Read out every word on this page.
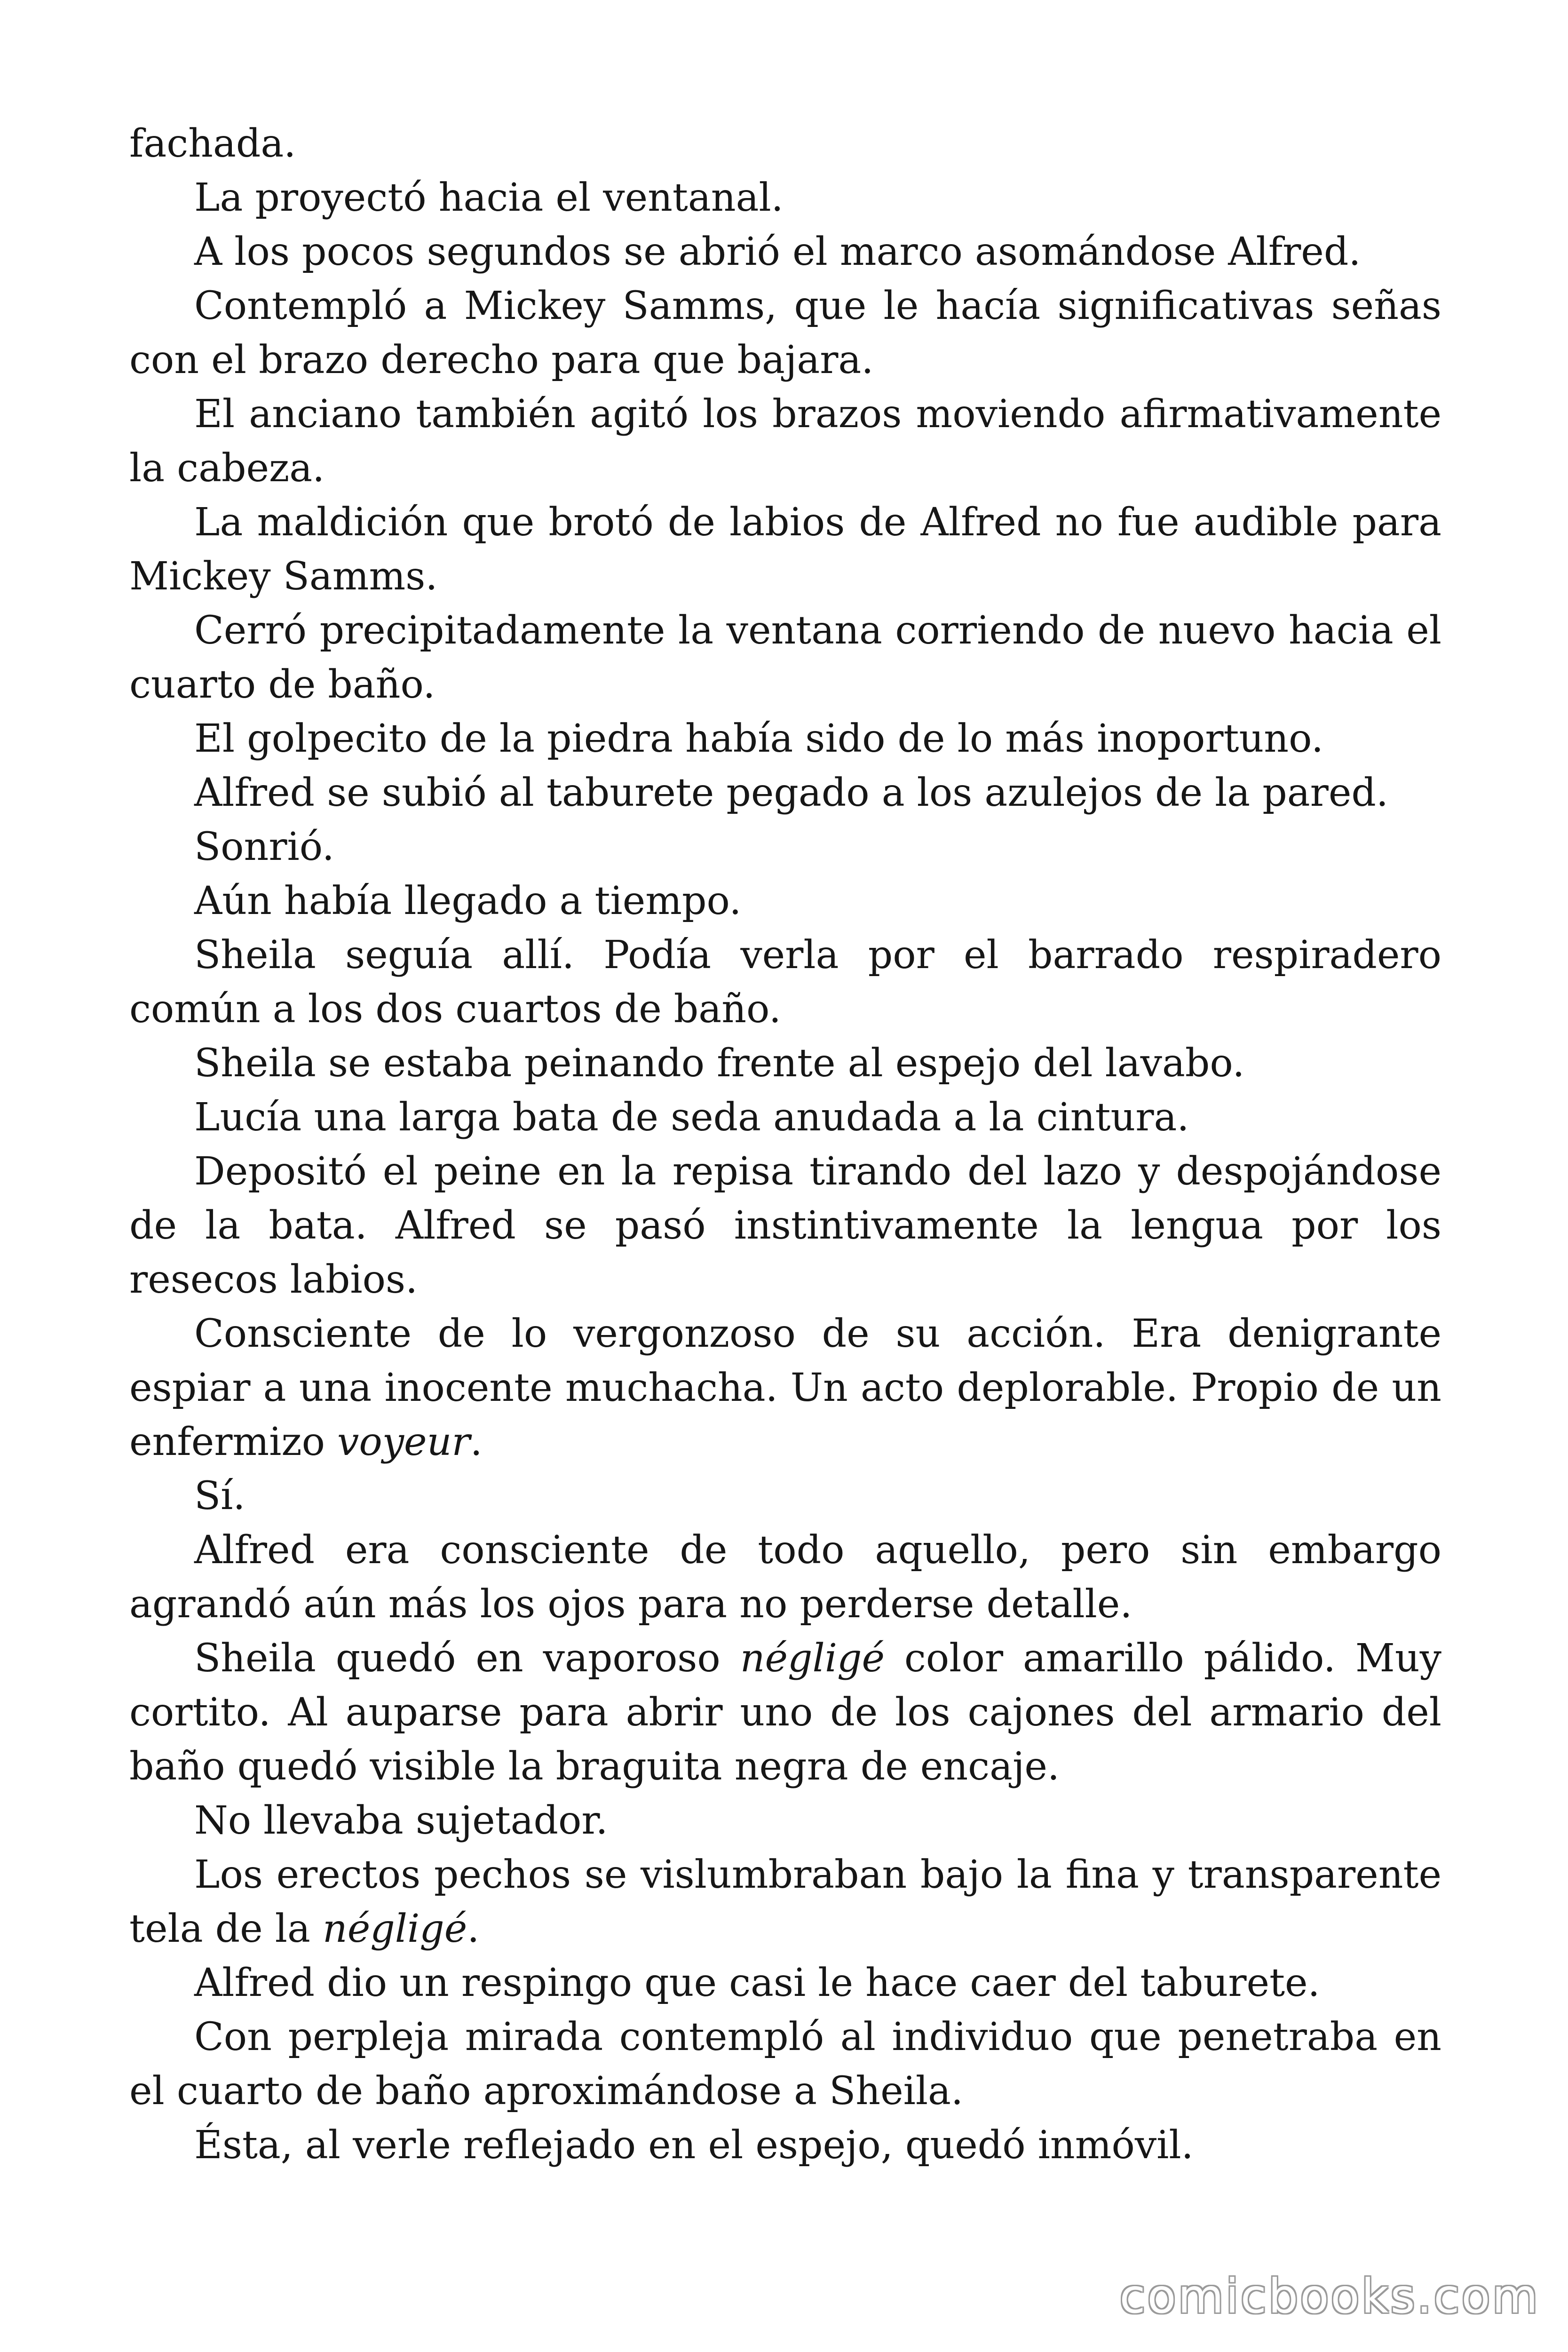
fachada.

La proyectó hacia el ventanal.

A los pocos segundos se abrió el marco asomándose Alfred.

Contempló a Mickey Samms, que le hacía significativas señas con el brazo derecho para que bajara.

El anciano también agitó los brazos moviendo afirmativamente la cabeza.

La maldición que brotó de labios de Alfred no fue audible para Mickey Samms.

Cerró precipitadamente la ventana corriendo de nuevo hacia el cuarto de baño.

El golpecito de la piedra había sido de lo más inoportuno.

Alfred se subió al taburete pegado a los azulejos de la pared.

Sonrió.

Aún había llegado a tiempo.

Sheila seguía allí. Podía verla por el barrado respiradero común a los dos cuartos de baño.

Sheila se estaba peinando frente al espejo del lavabo.

Lucía una larga bata de seda anudada a la cintura.

Depositó el peine en la repisa tirando del lazo y despojándose de la bata. Alfred se pasó instintivamente la lengua por los resecos labios.

Consciente de lo vergonzoso de su acción. Era denigrante espiar a una inocente muchacha. Un acto deplorable. Propio de un enfermizo voyeur.

Sí.

Alfred era consciente de todo aquello, pero sin embargo agrandó aún más los ojos para no perderse detalle.

Sheila quedó en vaporoso négligé color amarillo pálido. Muy cortito. Al auparse para abrir uno de los cajones del armario del baño quedó visible la braguita negra de encaje.

No llevaba sujetador.

Los erectos pechos se vislumbraban bajo la fina y transparente tela de la négligé.

Alfred dio un respingo que casi le hace caer del taburete.

Con perpleja mirada contempló al individuo que penetraba en el cuarto de baño aproximándose a Sheila.

Ésta, al verle reflejado en el espejo, quedó inmóvil.

comicbooks.com
